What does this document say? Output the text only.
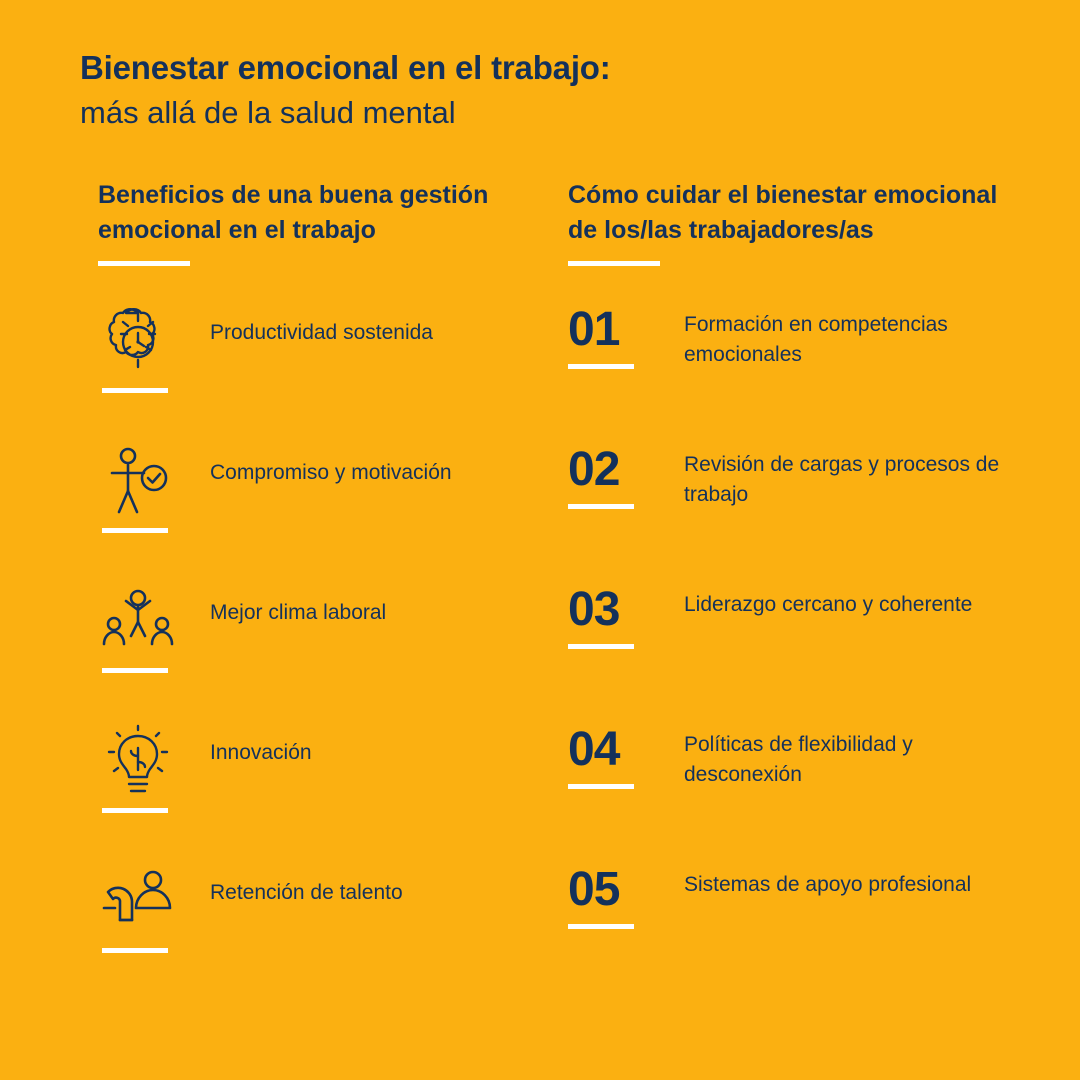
Bienestar emocional en el trabajo:
más allá de la salud mental
Beneficios de una buena gestión emocional en el trabajo
Productividad sostenida
Compromiso y motivación
Mejor clima laboral
Innovación
Retención de talento
Cómo cuidar el bienestar emocional de los/las trabajadores/as
01	Formación en competencias emocionales
02	Revisión de cargas y procesos de trabajo
03	Liderazgo cercano y coherente
04	Políticas de flexibilidad y desconexión
05	Sistemas de apoyo profesional
